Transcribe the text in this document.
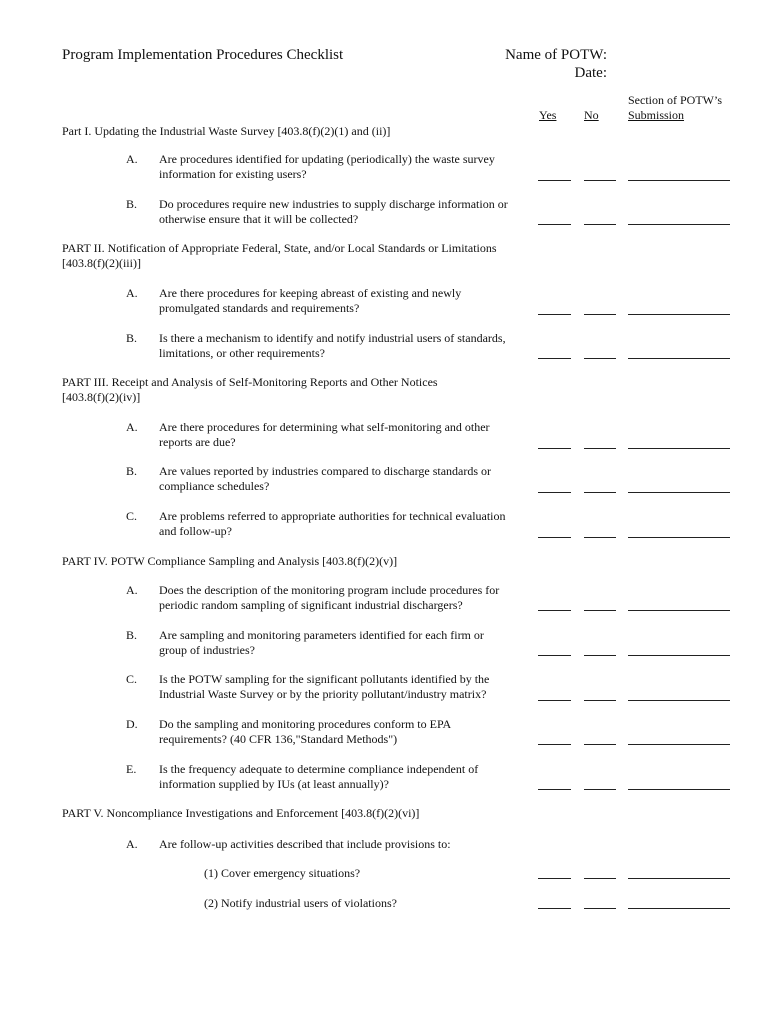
Program Implementation Procedures Checklist	Name of POTW:
Date:
Yes No
Section of POTW’s
Submission
Part I. Updating the Industrial Waste Survey [403.8(f)(2)(1) and (ii)]
A. Are procedures identified for updating (periodically) the waste survey
information for existing users?
B. Do procedures require new industries to supply discharge information or
otherwise ensure that it will be collected?
PART II. Notification of Appropriate Federal, State, and/or Local Standards or Limitations
[403.8(f)(2)(iii)]
A. Are there procedures for keeping abreast of existing and newly
promulgated standards and requirements?
B. Is there a mechanism to identify and notify industrial users of standards,
limitations, or other requirements?
PART III. Receipt and Analysis of Self-Monitoring Reports and Other Notices
[403.8(f)(2)(iv)]
A. Are there procedures for determining what self-monitoring and other
reports are due?
B. Are values reported by industries compared to discharge standards or
compliance schedules?
C. Are problems referred to appropriate authorities for technical evaluation
and follow-up?
PART IV. POTW Compliance Sampling and Analysis [403.8(f)(2)(v)]
A. Does the description of the monitoring program include procedures for
periodic random sampling of significant industrial dischargers?
B. Are sampling and monitoring parameters identified for each firm or
group of industries?
C. Is the POTW sampling for the significant pollutants identified by the
Industrial Waste Survey or by the priority pollutant/industry matrix?
D. Do the sampling and monitoring procedures conform to EPA
requirements? (40 CFR 136,"Standard Methods")
E. Is the frequency adequate to determine compliance independent of
information supplied by IUs (at least annually)?
PART V. Noncompliance Investigations and Enforcement [403.8(f)(2)(vi)]
A. Are follow-up activities described that include provisions to:
(1) Cover emergency situations?
(2) Notify industrial users of violations?
